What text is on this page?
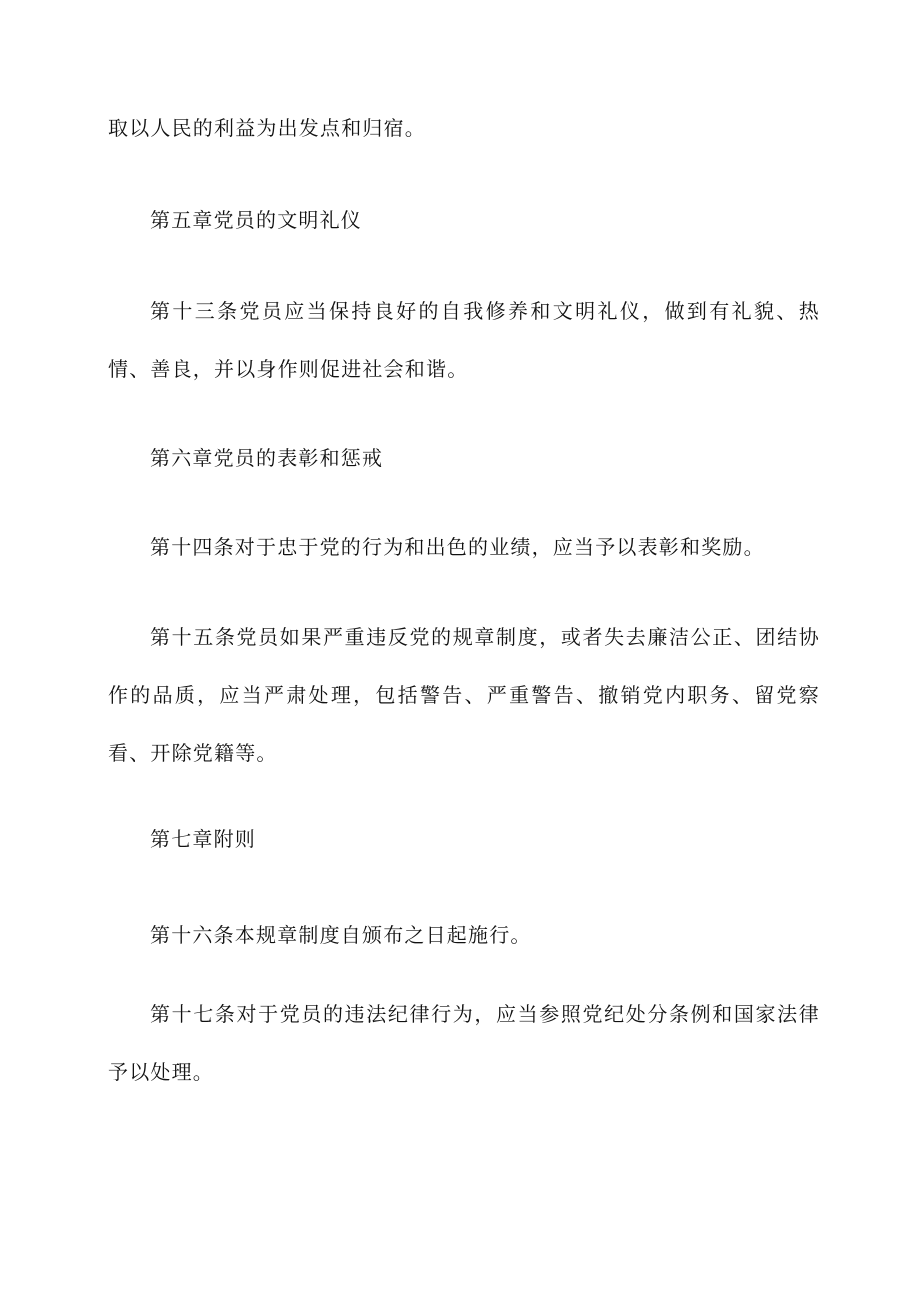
取以人民的利益为出发点和归宿。

第五章党员的文明礼仪

第十三条党员应当保持良好的自我修养和文明礼仪，做到有礼貌、热情、善良，并以身作则促进社会和谐。

第六章党员的表彰和惩戒

第十四条对于忠于党的行为和出色的业绩，应当予以表彰和奖励。

第十五条党员如果严重违反党的规章制度，或者失去廉洁公正、团结协作的品质，应当严肃处理，包括警告、严重警告、撤销党内职务、留党察看、开除党籍等。

第七章附则

第十六条本规章制度自颁布之日起施行。

第十七条对于党员的违法纪律行为，应当参照党纪处分条例和国家法律予以处理。
